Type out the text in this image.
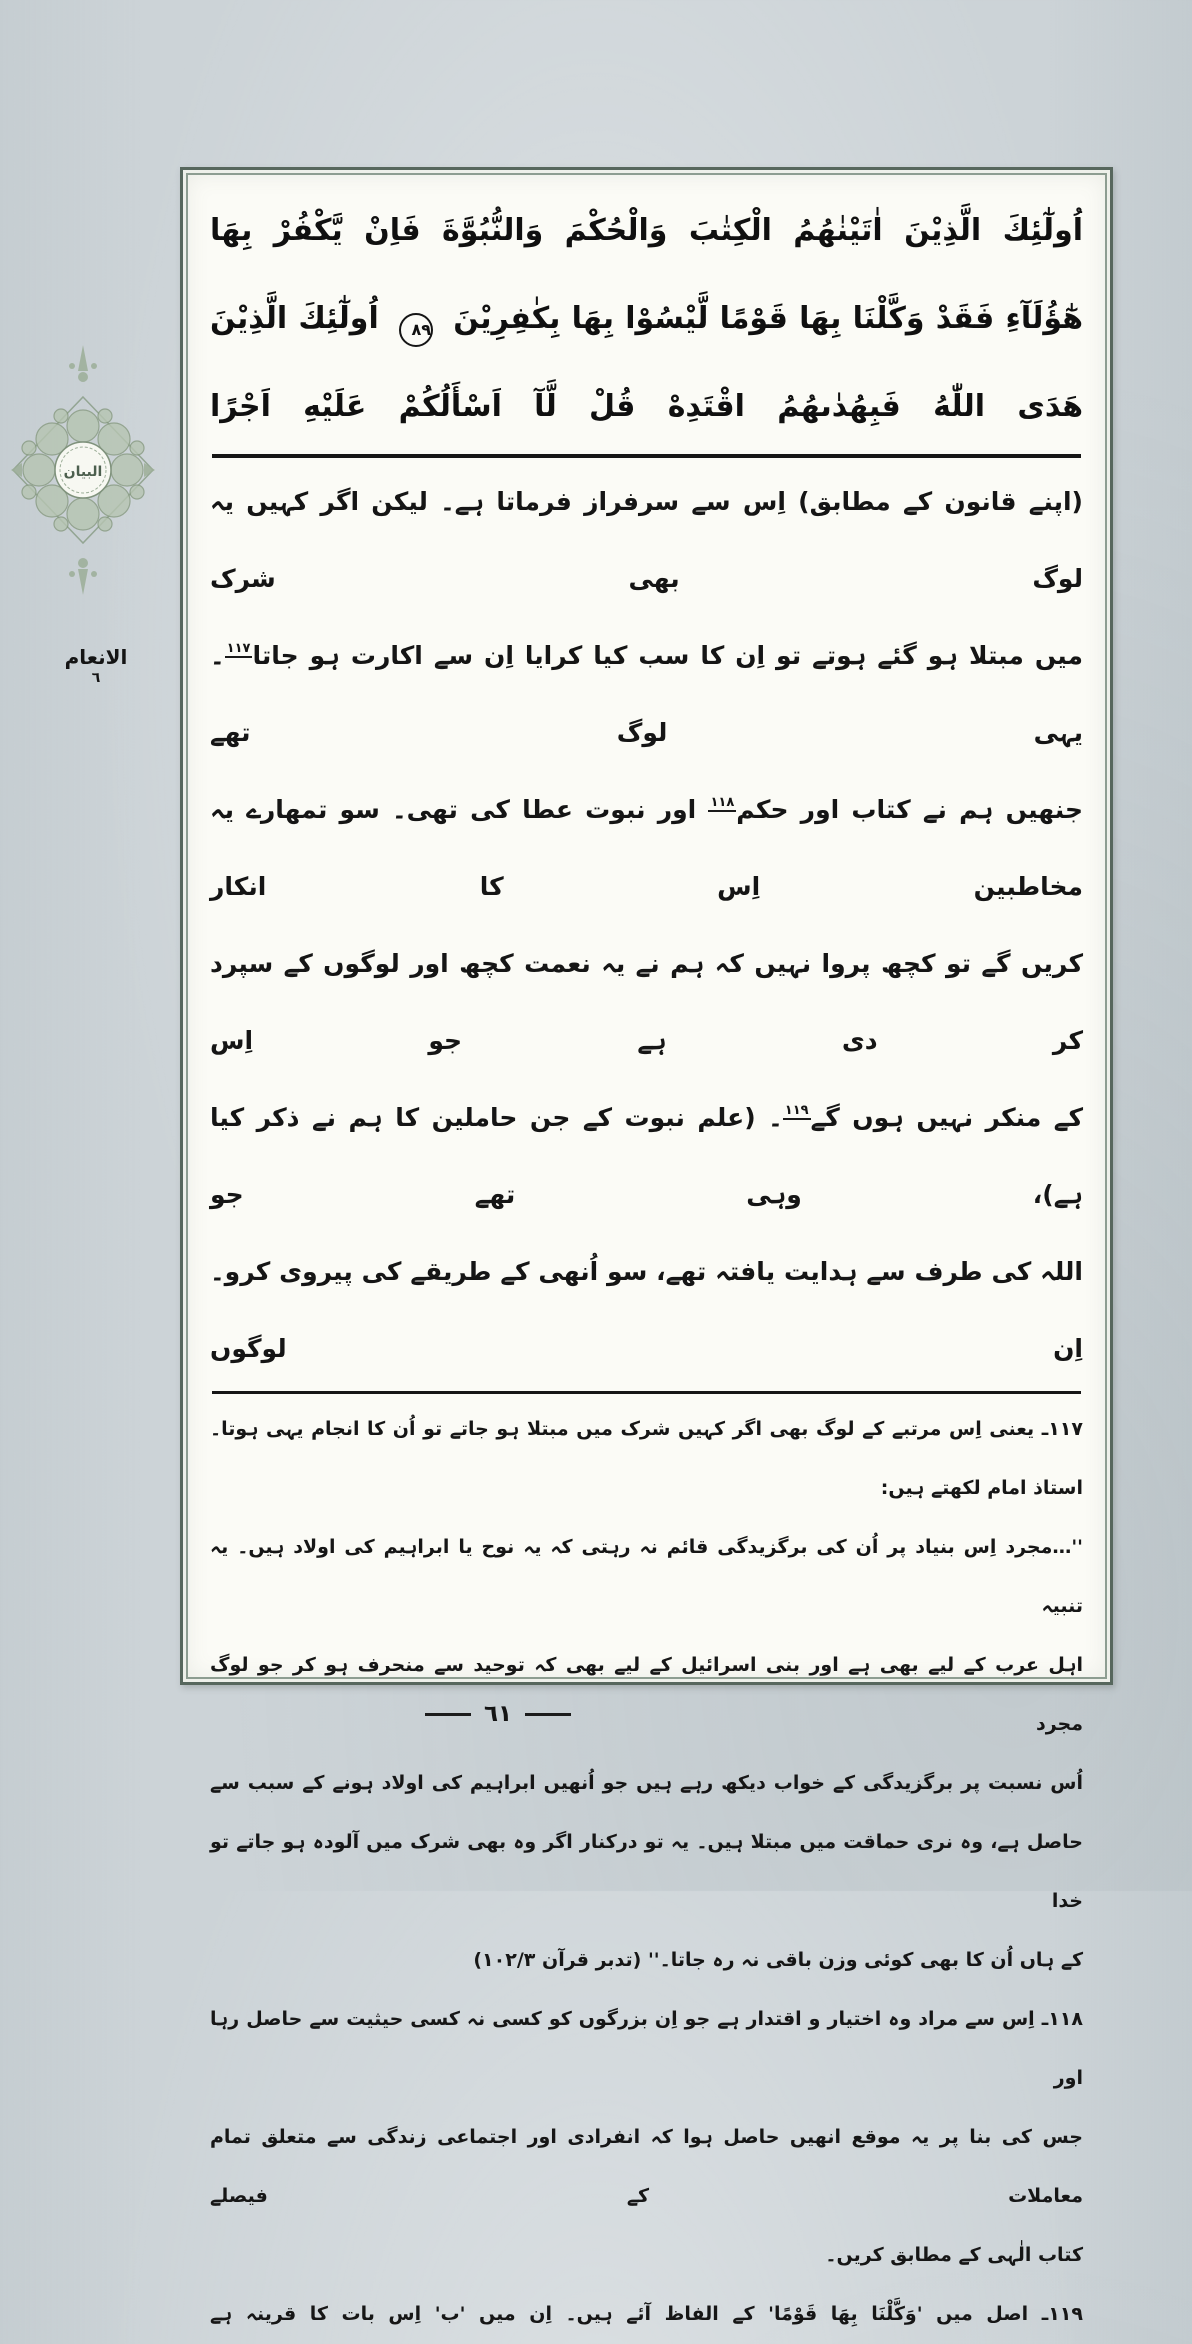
البیان
الانعام
٦
اُولٰٓئِكَ الَّذِيْنَ اٰتَيْنٰهُمُ الْكِتٰبَ وَالْحُكْمَ وَالنُّبُوَّةَ فَاِنْ يَّكْفُرْ بِهَا
هٰٓؤُلَآءِ فَقَدْ وَكَّلْنَا بِهَا قَوْمًا لَّيْسُوْا بِهَا بِكٰفِرِيْنَ ۸۹ اُولٰٓئِكَ الَّذِيْنَ
هَدَى اللّٰهُ فَبِهُدٰىهُمُ اقْتَدِهْ قُلْ لَّآ اَسْأَلُكُمْ عَلَيْهِ اَجْرًا
(اپنے قانون کے مطابق) اِس سے سرفراز فرماتا ہے۔ لیکن اگر کہیں یہ لوگ بھی شرک
میں مبتلا ہو گئے ہوتے تو اِن کا سب کیا کرایا اِن سے اکارت ہو جاتا۱۱۷۔ یہی لوگ تھے
جنھیں ہم نے کتاب اور حکم۱۱۸ اور نبوت عطا کی تھی۔ سو تمھارے یہ مخاطبین اِس کا انکار
کریں گے تو کچھ پروا نہیں کہ ہم نے یہ نعمت کچھ اور لوگوں کے سپرد کر دی ہے جو اِس
کے منکر نہیں ہوں گے۱۱۹۔ (علم نبوت کے جن حاملین کا ہم نے ذکر کیا ہے)، وہی تھے جو
اللہ کی طرف سے ہدایت یافتہ تھے، سو اُنھی کے طریقے کی پیروی کرو۔ اِن لوگوں
۱۱۷ـ یعنی اِس مرتبے کے لوگ بھی اگر کہیں شرک میں مبتلا ہو جاتے تو اُن کا انجام یہی ہوتا۔
استاذ امام لکھتے ہیں:
''…مجرد اِس بنیاد پر اُن کی برگزیدگی قائم نہ رہتی کہ یہ نوح یا ابراہیم کی اولاد ہیں۔ یہ تنبیہ
اہل عرب کے لیے بھی ہے اور بنی اسرائیل کے لیے بھی کہ توحید سے منحرف ہو کر جو لوگ مجرد
اُس نسبت پر برگزیدگی کے خواب دیکھ رہے ہیں جو اُنھیں ابراہیم کی اولاد ہونے کے سبب سے
حاصل ہے، وہ نری حماقت میں مبتلا ہیں۔ یہ تو درکنار اگر وہ بھی شرک میں آلودہ ہو جاتے تو خدا
کے ہاں اُن کا بھی کوئی وزن باقی نہ رہ جاتا۔'' (تدبر قرآن ۱۰۲/۳)
۱۱۸ـ اِس سے مراد وہ اختیار و اقتدار ہے جو اِن بزرگوں کو کسی نہ کسی حیثیت سے حاصل رہا اور
جس کی بنا پر یہ موقع انھیں حاصل ہوا کہ انفرادی اور اجتماعی زندگی سے متعلق تمام معاملات کے فیصلے
کتاب الٰہی کے مطابق کریں۔
۱۱۹ـ اصل میں 'وَكَّلْنَا بِهَا قَوْمًا' کے الفاظ آئے ہیں۔ اِن میں 'ب' اِس بات کا قرینہ ہے
٦١
